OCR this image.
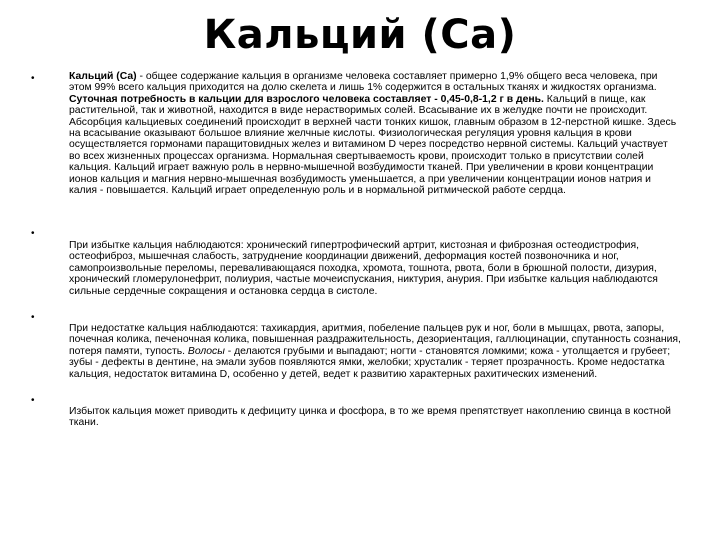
Кальций (Са)
•	Кальций (Са) - общее содержание кальция в организме человека составляет примерно 1,9% общего веса человека, при этом 99% всего кальция приходится на долю скелета и лишь 1% содержится в остальных тканях и жидкостях организма. Суточная потребность в кальции для взрослого человека составляет - 0,45-0,8-1,2 г в день. Кальций в пище, как растительной, так и животной, находится в виде нерастворимых солей. Всасывание их в желудке почти не происходит. Абсорбция кальциевых соединений происходит в верхней части тонких кишок, главным образом в 12-перстной кишке. Здесь на всасывание оказывают большое влияние желчные кислоты. Физиологическая регуляция уровня кальция в крови осуществляется гормонами паращитовидных желез и витамином D через посредство нервной системы. Кальций участвует во всех жизненных процессах организма. Нормальная свертываемость крови, происходит только в присутствии солей кальция. Кальций играет важную роль в нервно-мышечной возбудимости тканей. При увеличении в крови концентрации ионов кальция и магния нервно-мышечная возбудимость уменьшается, а при увеличении концентрации ионов натрия и калия - повышается. Кальций играет определенную роль и в нормальной ритмической работе сердца.
•
При избытке кальция наблюдаются: хронический гипертрофический артрит, кистозная и фиброзная остеодистрофия, остеофиброз, мышечная слабость, затруднение координации движений, деформация костей позвоночника и ног, самопроизвольные переломы, переваливающаяся походка, хромота, тошнота, рвота, боли в брюшной полости, дизурия, хронический гломерулонефрит, полиурия, частые мочеиспускания, никтурия, анурия. При избытке кальция наблюдаются сильные сердечные сокращения и остановка сердца в систоле.
•
При недостатке кальция наблюдаются: тахикардия, аритмия, побеление пальцев рук и ног, боли в мышцах, рвота, запоры, почечная колика, печеночная колика, повышенная раздражительность, дезориентация, галлюцинации, спутанность сознания, потеря памяти, тупость. Волосы - делаются грубыми и выпадают; ногти - становятся ломкими; кожа - утолщается и грубеет; зубы - дефекты в дентине, на эмали зубов появляются ямки, желобки; хрусталик - теряет прозрачность. Кроме недостатка кальция, недостаток витамина D, особенно у детей, ведет к развитию характерных рахитических изменений.
•
Избыток кальция может приводить к дефициту цинка и фосфора, в то же время препятствует накоплению свинца в костной ткани.
